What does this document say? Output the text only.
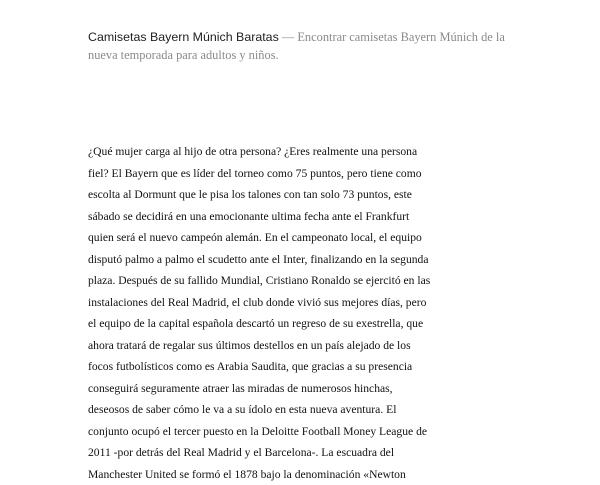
Camisetas Bayern Múnich Baratas — Encontrar camisetas Bayern Múnich de la nueva temporada para adultos y niños.
¿Qué mujer carga al hijo de otra persona? ¿Eres realmente una persona
fiel? El Bayern que es líder del torneo como 75 puntos, pero tiene como
escolta al Dormunt que le pisa los talones con tan solo 73 puntos, este
sábado se decidirá en una emocionante ultima fecha ante el Frankfurt
quien será el nuevo campeón alemán. En el campeonato local, el equipo
disputó palmo a palmo el scudetto ante el Inter, finalizando en la segunda
plaza. Después de su fallido Mundial, Cristiano Ronaldo se ejercitó en las
instalaciones del Real Madrid, el club donde vivió sus mejores días, pero
el equipo de la capital española descartó un regreso de su exestrella, que
ahora tratará de regalar sus últimos destellos en un país alejado de los
focos futbolísticos como es Arabia Saudita, que gracias a su presencia
conseguirá seguramente atraer las miradas de numerosos hinchas,
deseosos de saber cómo le va a su ídolo en esta nueva aventura. El
conjunto ocupó el tercer puesto en la Deloitte Football Money League de
2011 -por detrás del Real Madrid y el Barcelona-. La escuadra del
Manchester United se formó el 1878 bajo la denominación «Newton
